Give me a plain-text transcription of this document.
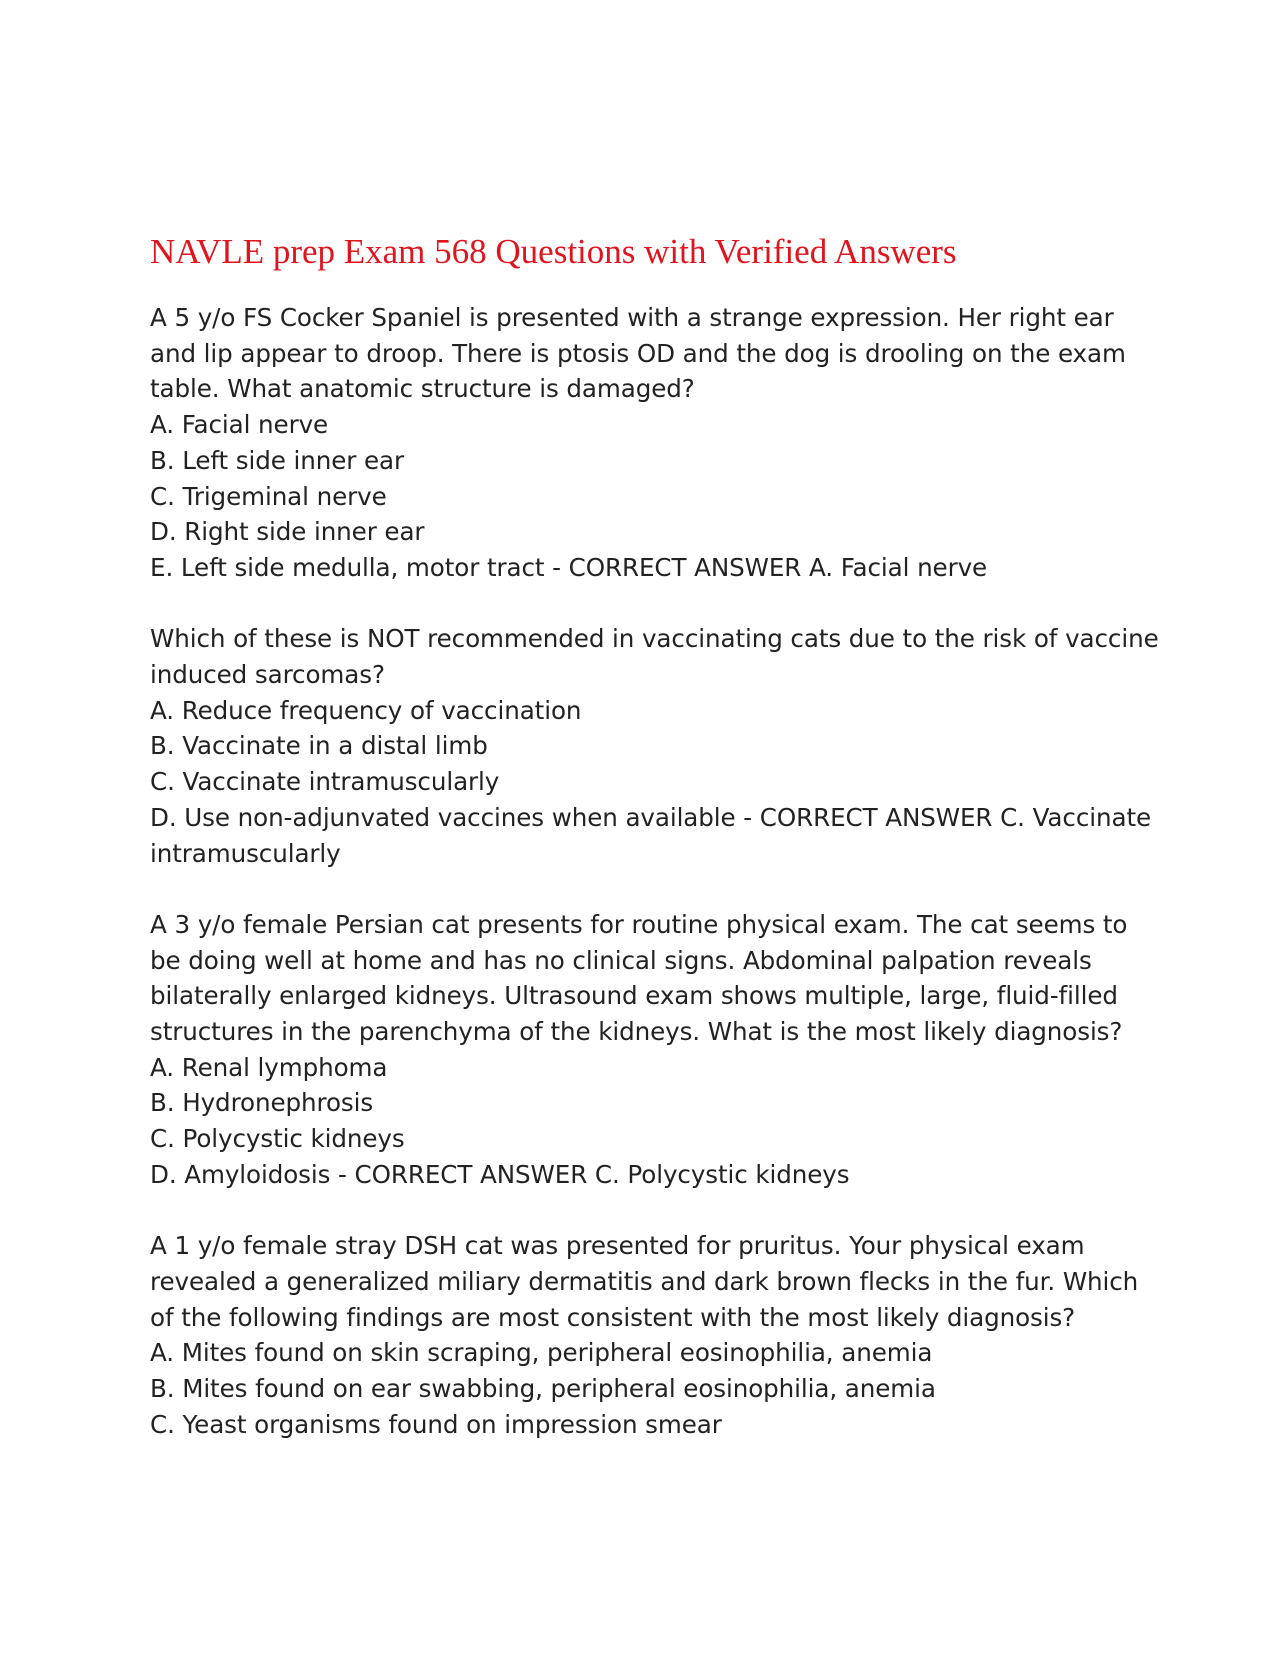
NAVLE prep Exam 568 Questions with Verified Answers
A 5 y/o FS Cocker Spaniel is presented with a strange expression. Her right ear
and lip appear to droop. There is ptosis OD and the dog is drooling on the exam
table. What anatomic structure is damaged?
A. Facial nerve
B. Left side inner ear
C. Trigeminal nerve
D. Right side inner ear
E. Left side medulla, motor tract - CORRECT ANSWER A. Facial nerve
Which of these is NOT recommended in vaccinating cats due to the risk of vaccine
induced sarcomas?
A. Reduce frequency of vaccination
B. Vaccinate in a distal limb
C. Vaccinate intramuscularly
D. Use non-adjunvated vaccines when available - CORRECT ANSWER C. Vaccinate
intramuscularly
A 3 y/o female Persian cat presents for routine physical exam. The cat seems to
be doing well at home and has no clinical signs. Abdominal palpation reveals
bilaterally enlarged kidneys. Ultrasound exam shows multiple, large, fluid-filled
structures in the parenchyma of the kidneys. What is the most likely diagnosis?
A. Renal lymphoma
B. Hydronephrosis
C. Polycystic kidneys
D. Amyloidosis - CORRECT ANSWER C. Polycystic kidneys
A 1 y/o female stray DSH cat was presented for pruritus. Your physical exam
revealed a generalized miliary dermatitis and dark brown flecks in the fur. Which
of the following findings are most consistent with the most likely diagnosis?
A. Mites found on skin scraping, peripheral eosinophilia, anemia
B. Mites found on ear swabbing, peripheral eosinophilia, anemia
C. Yeast organisms found on impression smear
